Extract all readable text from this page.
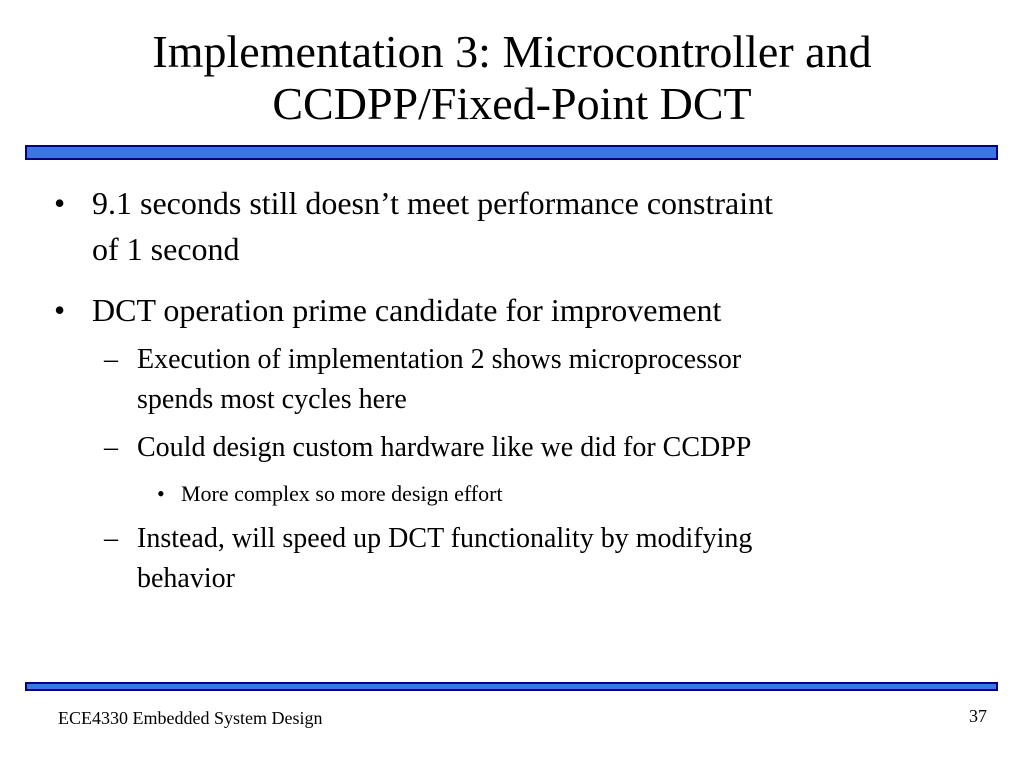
Implementation 3: Microcontroller and
CCDPP/Fixed-Point DCT
• 9.1 seconds still doesn’t meet performance constraint
of 1 second
• DCT operation prime candidate for improvement
– Execution of implementation 2 shows microprocessor
spends most cycles here
– Could design custom hardware like we did for CCDPP
• More complex so more design effort
– Instead, will speed up DCT functionality by modifying
behavior
ECE4330 Embedded System Design	37
